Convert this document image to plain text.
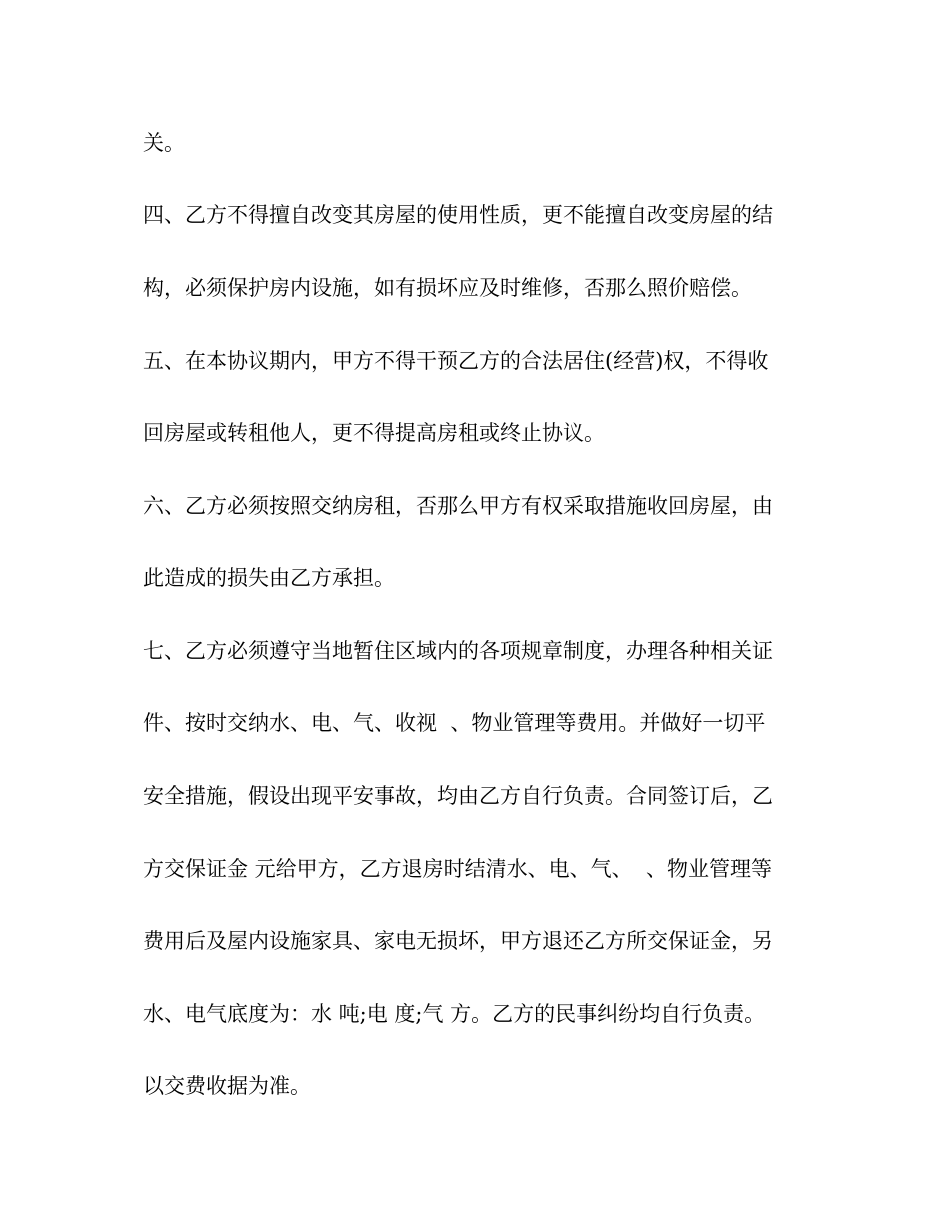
关。
四、乙方不得擅自改变其房屋的使用性质，更不能擅自改变房屋的结
构，必须保护房内设施，如有损坏应及时维修，否那么照价赔偿。
五、在本协议期内，甲方不得干预乙方的合法居住(经营)权，不得收
回房屋或转租他人，更不得提高房租或终止协议。
六、乙方必须按照交纳房租，否那么甲方有权采取措施收回房屋，由
此造成的损失由乙方承担。
七、乙方必须遵守当地暂住区域内的各项规章制度，办理各种相关证
件、按时交纳水、电、气、收视  、物业管理等费用。并做好一切平
安全措施，假设出现平安事故，均由乙方自行负责。合同签订后，乙
方交保证金 元给甲方，乙方退房时结清水、电、气、  、物业管理等
费用后及屋内设施家具、家电无损坏，甲方退还乙方所交保证金，另
水、电气底度为：水 吨;电 度;气 方。乙方的民事纠纷均自行负责。
以交费收据为准。
